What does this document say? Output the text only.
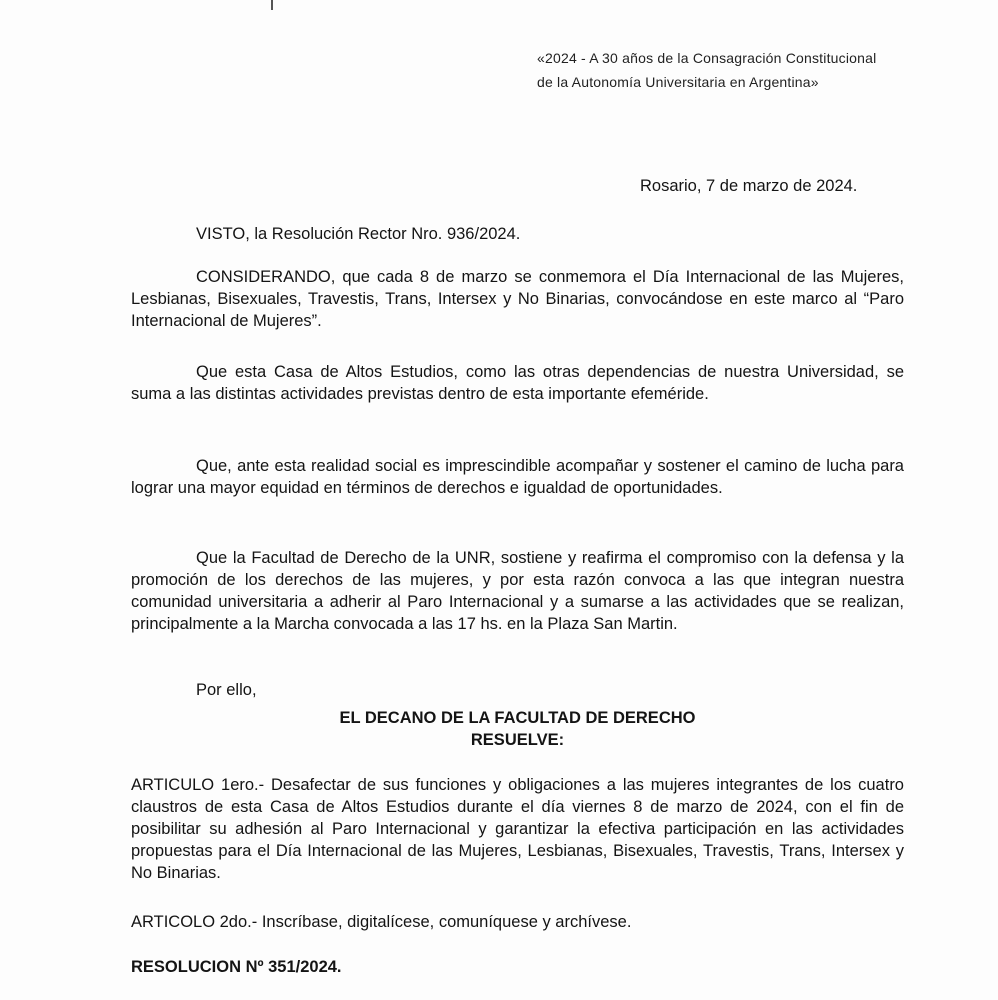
«2024 - A 30 años de la Consagración Constitucional
de la Autonomía Universitaria en Argentina»
Rosario, 7 de marzo de 2024.
VISTO, la Resolución Rector Nro. 936/2024.
CONSIDERANDO, que cada 8 de marzo se conmemora el Día Internacional de las Mujeres, Lesbianas, Bisexuales, Travestis, Trans, Intersex y No Binarias, convocándose en este marco al “Paro Internacional de Mujeres”.
Que esta Casa de Altos Estudios, como las otras dependencias de nuestra Universidad, se suma a las distintas actividades previstas dentro de esta importante efeméride.
Que, ante esta realidad social es imprescindible acompañar y sostener el camino de lucha para lograr una mayor equidad en términos de derechos e igualdad de oportunidades.
Que la Facultad de Derecho de la UNR, sostiene y reafirma el compromiso con la defensa y la promoción de los derechos de las mujeres, y por esta razón convoca a las que integran nuestra comunidad universitaria a adherir al Paro Internacional y a sumarse a las actividades que se realizan, principalmente a la Marcha convocada a las 17 hs. en la Plaza San Martin.
Por ello,
EL DECANO DE LA FACULTAD DE DERECHO
RESUELVE:
ARTICULO 1ero.- Desafectar de sus funciones y obligaciones a las mujeres integrantes de los cuatro claustros de esta Casa de Altos Estudios durante el día viernes 8 de marzo de 2024, con el fin de posibilitar su adhesión al Paro Internacional y garantizar la efectiva participación en las actividades propuestas para el Día Internacional de las Mujeres, Lesbianas, Bisexuales, Travestis, Trans, Intersex y No Binarias.
ARTICOLO 2do.- Inscríbase, digitalícese, comuníquese y archívese.
RESOLUCION Nº 351/2024.
